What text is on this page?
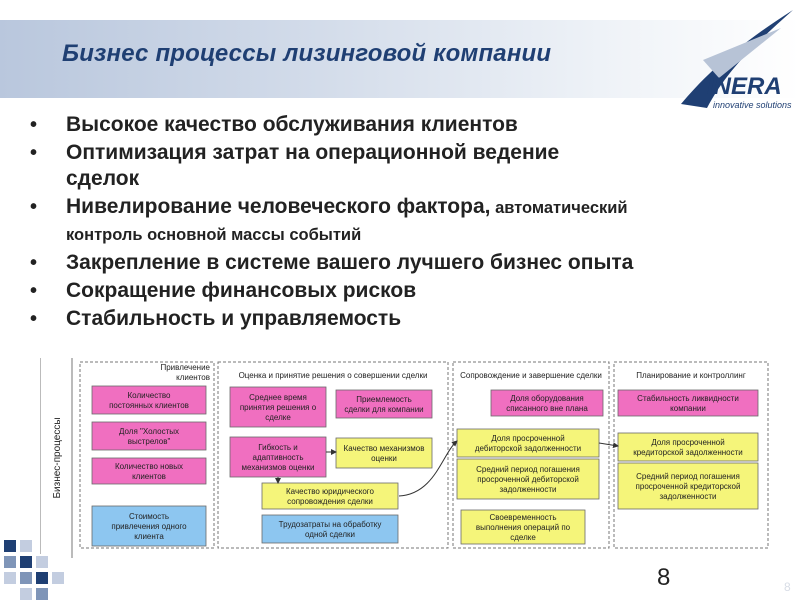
Бизнес процессы лизинговой компании
INERA
innovative solutions
• Высокое качество обслуживания клиентов
• Оптимизация затрат на операционной ведение
сделок
• Нивелирование человеческого фактора, автоматический
контроль основной массы событий
• Закрепление в системе вашего лучшего бизнес опыта
• Сокращение финансовых рисков
• Стабильность и управляемость
Бизнес-процессы
Привлечение
клиентов	Оценка и принятие решения о совершении сделки	Сопровождение и завершение сделки	Планирование и контроллинг
Количество
постоянных клиентов
Доля "Холостых
выстрелов"
Количество новых
клиентов
Стоимость
привлечения одного
клиента
Среднее время
принятия решения о
сделке
Приемлемость
сделки для компании
Гибкость и
адаптивность
механизмов оценки
Качество механизмов
оценки
Качество юридического
сопровождения сделки
Трудозатраты на обработку
одной сделки
Доля оборудования
списанного вне плана
Доля просроченной
дебиторской задолженности
Средний период погашения
просроченной дебиторской
задолженности
Своевременность
выполнения операций по
сделке
Стабильность ликвидности
компании
Доля просроченной
кредиторской задолженности
Средний период погашения
просроченной кредиторской
задолженности
8	8
